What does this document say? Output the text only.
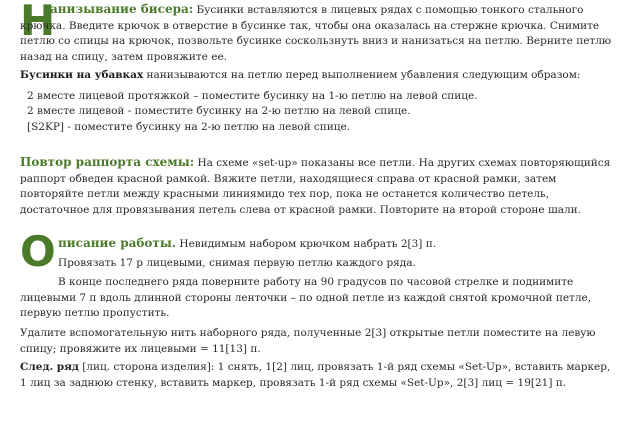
Н

анизывание бисера: Бусинки вставляются в лицевых рядах с помощью тонкого стального крючка. Введите крючок в отверстие в бусинке так, чтобы она оказалась на стержне крючка. Снимите петлю со спицы на крючок, позвольте бусинке соскользнуть вниз и нанизаться на петлю. Верните петлю назад на спицу, затем провяжите ее.

Бусинки на убавках нанизываются на петлю перед выполнением убавления следующим образом:

2 вместе лицевой протяжкой – поместите бусинку на 1-ю петлю на левой спице.

2 вместе лицевой - поместите бусинку на 2-ю петлю на левой спице.

[S2KP] - поместите бусинку на 2-ю петлю на левой спице.

Повтор раппорта схемы: На схеме «set-up» показаны все петли. На других схемах повторяющийся раппорт обведен красной рамкой. Вяжите петли, находящиеся справа от красной рамки, затем повторяйте петли между красными линиямидо тех пор, пока не останется количество петель, достаточное для провязывания петель слева от красной рамки. Повторите на второй стороне шали.

О писание работы. Невидимым набором крючком набрать 2[3] п.

Провязать 17 р лицевыми, снимая первую петлю каждого ряда.

В конце последнего ряда поверните работу на 90 градусов по часовой стрелке и поднимите лицевыми 7 п вдоль длинной стороны ленточки – по одной петле из каждой снятой кромочной петле, первую петлю пропустить.

Удалите вспомогательную нить наборного ряда, полученные 2[3] открытые петли поместите на левую спицу; провяжите их лицевыми = 11[13] п.

След. ряд [лиц. сторона изделия]: 1 снять, 1[2] лиц, провязать 1-й ряд схемы «Set-Up», вставить маркер, 1 лиц за заднюю стенку, вставить маркер, провязать 1-й ряд схемы «Set-Up», 2[3] лиц = 19[21] п.
